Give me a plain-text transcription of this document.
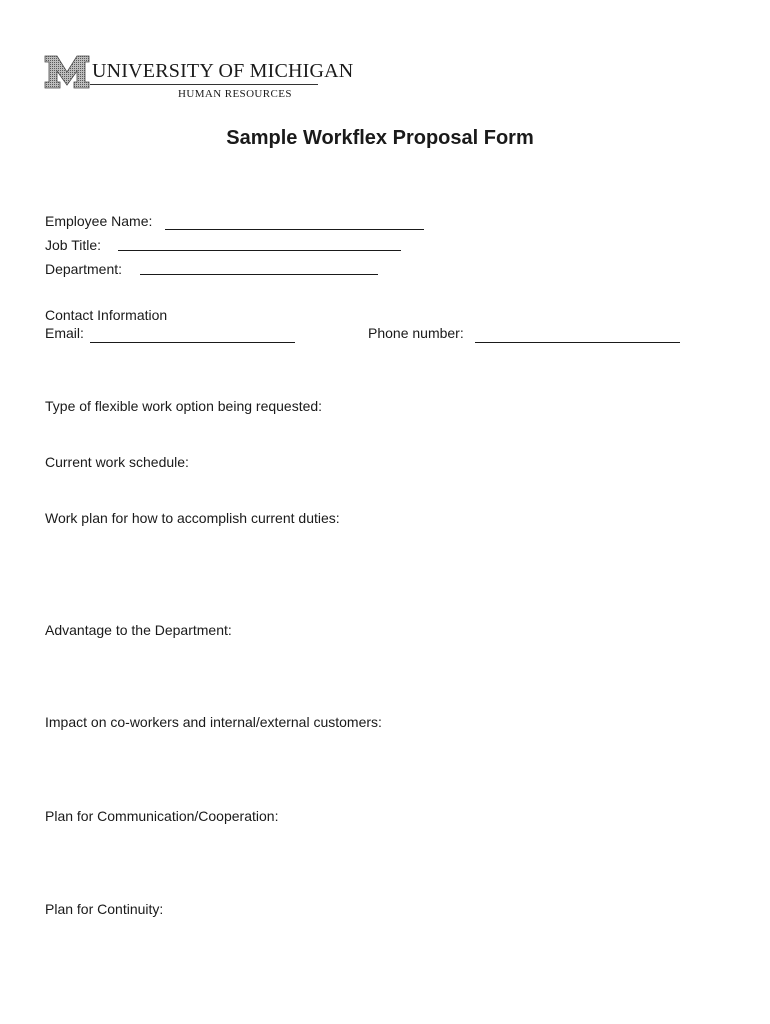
UNIVERSITY OF MICHIGAN
HUMAN RESOURCES
Sample Workflex Proposal Form
Employee Name:
Job Title:
Department:
Contact Information
Email:	Phone number:
Type of flexible work option being requested:
Current work schedule:
Work plan for how to accomplish current duties:
Advantage to the Department:
Impact on co-workers and internal/external customers:
Plan for Communication/Cooperation:
Plan for Continuity:
